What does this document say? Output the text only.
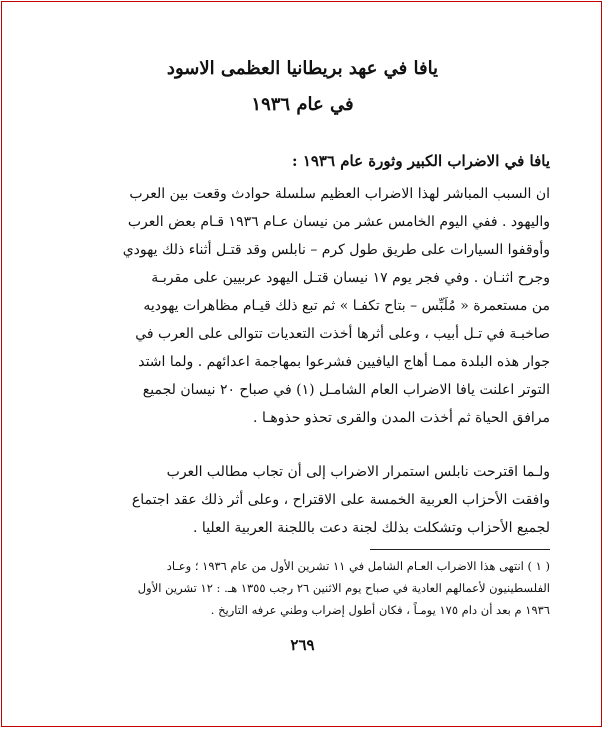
يافا في عهد بريطانيا العظمى الاسود
في عام ١٩٣٦
يافا في الاضراب الكبير وثورة عام ١٩٣٦ :
ان السبب المباشر لهذا الاضراب العظيم سلسلة حوادث وقعت بين العرب
واليهود . ففي اليوم الخامس عشر من نيسان عـام ١٩٣٦ قـام بعض العرب
وأوقفوا السيارات على طريق طول كرم – نابلس وقد قتـل أثناء ذلك يهودي
وجرح اثنـان . وفي فجر يوم ١٧ نيسان قتـل اليهود عربيين على مقربـة
من مستعمرة « مُلَبِّس – بتاح تكفـا » ثم تبع ذلك قيـام مظاهرات يهوديه
صاخبـة في تـل أبيب ، وعلى أثرها أخذت التعديات تتوالى على العرب في
جوار هذه البلدة ممـا أهاج اليافيين فشرعوا بمهاجمة اعدائهم . ولما اشتد
التوتر اعلنت يافا الاضراب العام الشامـل (١) في صباح ٢٠ نيسان لجميع
مرافق الحياة ثم أخذت المدن والقرى تحذو حذوهـا .
ولـما اقترحت نابلس استمرار الاضراب إلى أن تجاب مطالب العرب
وافقت الأحزاب العربية الخمسة على الاقتراح ، وعلى أثر ذلك عقد اجتماع
لجميع الأحزاب وتشكلت بذلك لجنة دعت باللجنة العربية العليا .
( ١ ) انتهى هذا الاضراب العـام الشامل في ١١ تشرين الأول من عام ١٩٣٦ ؛ وعـاد
الفلسطينيون لأعمالهم العادية في صباح يوم الاثنين ٢٦ رجب ١٣٥٥ هـ. : ١٢ تشرين الأول
١٩٣٦ م بعد أن دام ١٧٥ يومـاً ، فكان أطول إضراب وطني عرفه التاريخ .
٢٦٩
